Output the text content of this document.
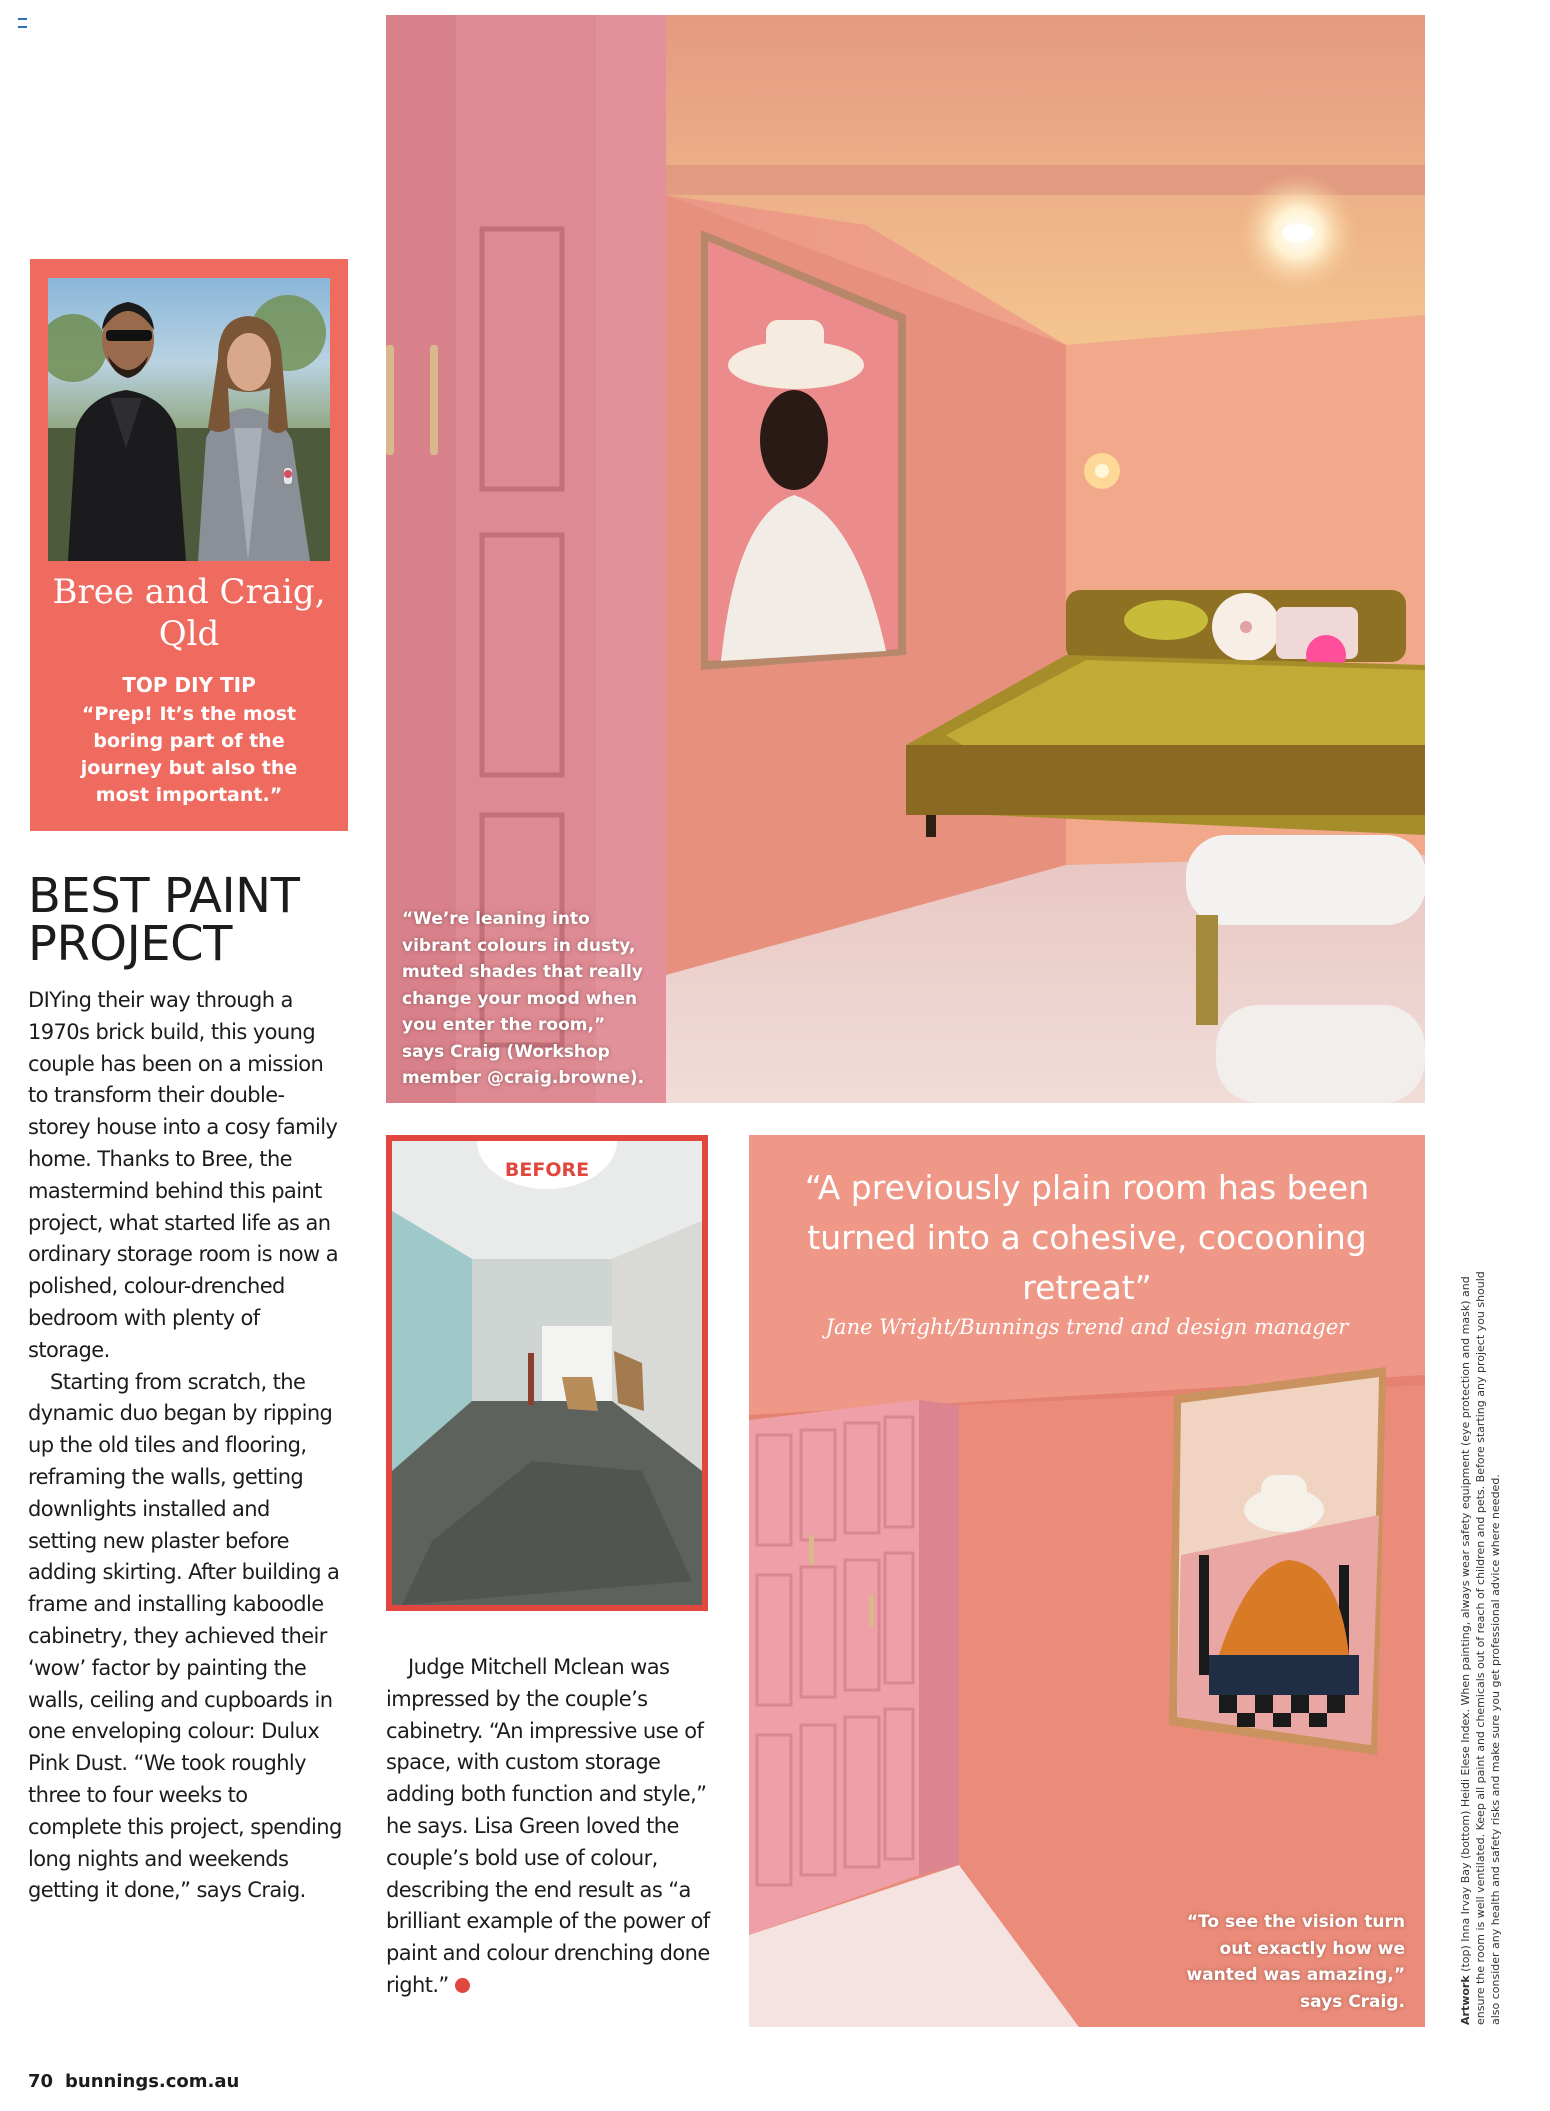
Bree and Craig, Qld
TOP DIY TIP
“Prep! It’s the most boring part of the journey but also the most important.”
BEST PAINT PROJECT

DIYing their way through a 1970s brick build, this young couple has been on a mission to transform their double-storey house into a cosy family home. Thanks to Bree, the mastermind behind this paint project, what started life as an ordinary storage room is now a polished, colour-drenched bedroom with plenty of storage.

Starting from scratch, the dynamic duo began by ripping up the old tiles and flooring, reframing the walls, getting downlights installed and setting new plaster before adding skirting. After building a frame and installing kaboodle cabinetry, they achieved their ‘wow’ factor by painting the walls, ceiling and cupboards in one enveloping colour: Dulux Pink Dust. “We took roughly three to four weeks to complete this project, spending long nights and weekends getting it done,” says Craig.

“We’re leaning into vibrant colours in dusty, muted shades that really change your mood when you enter the room,” says Craig (Workshop member @craig.browne).
BEFORE
Judge Mitchell Mclean was impressed by the couple’s cabinetry. “An impressive use of space, with custom storage adding both function and style,” he says. Lisa Green loved the couple’s bold use of colour, describing the end result as “a brilliant example of the power of paint and colour drenching done right.”
“A previously plain room has been turned into a cohesive, cocooning retreat”
Jane Wright/Bunnings trend and design manager
“To see the vision turn out exactly how we wanted was amazing,” says Craig.	Artwork (top) Inna Irvay Bay (bottom) Heidi Elese Index. When painting, always wear safety equipment (eye protection and mask) and ensure the room is well ventilated. Keep all paint and chemicals out of reach of children and pets. Before starting any project you should also consider any health and safety risks and make sure you get professional advice where needed.
70 bunnings.com.au
